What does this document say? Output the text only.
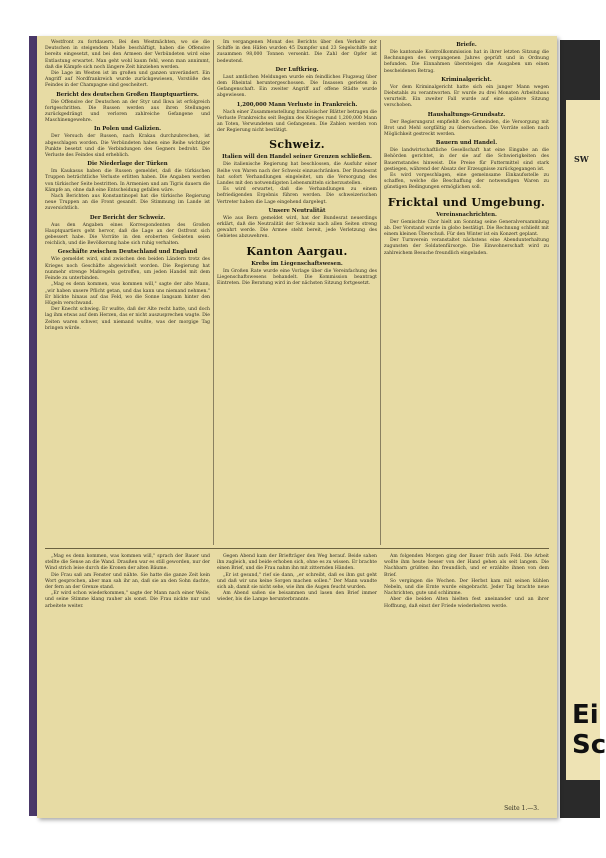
SW
Ei Sc

Westfront zu fortdauern. Bei den Westmächten, wo sie die Deutschen in steigendem Maße beschäftigt, haben die Offensive bereits eingesetzt, und bei den Armeen der Verbündeten wird eine Entlastung erwartet. Man geht wohl kaum fehl, wenn man annimmt, daß die Kämpfe sich noch längere Zeit hinziehen werden.

Die Lage im Westen ist im großen und ganzen unverändert. Ein Angriff auf Nordfrankreich wurde zurückgewiesen, Vorstöße des Feindes in der Champagne sind gescheitert.

Bericht des deutschen Großen Hauptquartiers.

Die Offensive der Deutschen an der Styr und Ikwa ist erfolgreich fortgeschritten. Die Russen werden aus ihren Stellungen zurückgedrängt und verloren zahlreiche Gefangene und Maschinengewehre.

In Polen und Galizien.

Der Versuch der Russen, nach Krakau durchzubrechen, ist abgeschlagen worden. Die Verbündeten haben eine Reihe wichtiger Punkte besetzt und die Verbindungen des Gegners bedroht. Die Verluste des Feindes sind erheblich.

Die Niederlage der Türken

Im Kaukasus haben die Russen gemeldet, daß die türkischen Truppen beträchtliche Verluste erlitten haben. Die Angaben werden von türkischer Seite bestritten. In Armenien und am Tigris dauern die Kämpfe an, ohne daß eine Entscheidung gefallen wäre.

Nach Berichten aus Konstantinopel hat die türkische Regierung neue Truppen an die Front gesandt. Die Stimmung im Lande ist zuversichtlich.

Der Bericht der Schweiz.

Aus den Angaben eines Korrespondenten des Großen Hauptquartiers geht hervor, daß die Lage an der Ostfront sich gebessert habe. Die Vorräte in den eroberten Gebieten seien reichlich, und die Bevölkerung habe sich ruhig verhalten.

Geschäfte zwischen Deutschland und England

Wie gemeldet wird, sind zwischen den beiden Ländern trotz des Krieges noch Geschäfte abgewickelt worden. Die Regierung hat nunmehr strenge Maßregeln getroffen, um jeden Handel mit dem Feinde zu unterbinden.

„Mag es denn kommen, was kommen will," sagte der alte Mann, „wir haben unsere Pflicht getan, und das kann uns niemand nehmen." Er blickte hinaus auf das Feld, wo die Sonne langsam hinter den Hügeln verschwand.

Der Knecht schwieg. Er wußte, daß der Alte recht hatte, und doch lag ihm etwas auf dem Herzen, das er nicht auszusprechen wagte. Die Zeiten waren schwer, und niemand wußte, was der morgige Tag bringen würde.

Im vergangenen Monat des Berichts über den Verkehr der Schiffe in den Häfen wurden 45 Dampfer und 23 Segelschiffe mit zusammen 98,000 Tonnen versenkt. Die Zahl der Opfer ist bedeutend.

Der Luftkrieg.

Laut amtlichen Meldungen wurde ein feindliches Flugzeug über dem Rheintal heruntergeschossen. Die Insassen gerieten in Gefangenschaft. Ein zweiter Angriff auf offene Städte wurde abgewiesen.

1,200,000 Mann Verluste in Frankreich.

Nach einer Zusammenstellung französischer Blätter betragen die Verluste Frankreichs seit Beginn des Krieges rund 1,200,000 Mann an Toten, Verwundeten und Gefangenen. Die Zahlen werden von der Regierung nicht bestätigt.

Schweiz.
Italien will den Handel seiner Grenzen schließen.

Die italienische Regierung hat beschlossen, die Ausfuhr einer Reihe von Waren nach der Schweiz einzuschränken. Der Bundesrat hat sofort Verhandlungen eingeleitet, um die Versorgung des Landes mit den notwendigsten Lebensmitteln sicherzustellen.

Es wird erwartet, daß die Verhandlungen zu einem befriedigenden Ergebnis führen werden. Die schweizerischen Vertreter haben die Lage eingehend dargelegt.

Unsere Neutralität

Wie aus Bern gemeldet wird, hat der Bundesrat neuerdings erklärt, daß die Neutralität der Schweiz nach allen Seiten streng gewahrt werde. Die Armee steht bereit, jede Verletzung des Gebietes abzuwehren.

Kanton Aargau.
Krebs im Liegenschaftswesen.

Im Großen Rate wurde eine Vorlage über die Vereinfachung des Liegenschaftswesens behandelt. Die Kommission beantragt Eintreten. Die Beratung wird in der nächsten Sitzung fortgesetzt.

Briefe.

Die kantonale Kontrollkommission hat in ihrer letzten Sitzung die Rechnungen des vergangenen Jahres geprüft und in Ordnung befunden. Die Einnahmen übersteigen die Ausgaben um einen bescheidenen Betrag.

Kriminalgericht.

Vor dem Kriminalgericht hatte sich ein junger Mann wegen Diebstahls zu verantworten. Er wurde zu drei Monaten Arbeitshaus verurteilt. Ein zweiter Fall wurde auf eine spätere Sitzung verschoben.

Haushaltungs-Grundsatz.

Der Regierungsrat empfiehlt den Gemeinden, die Versorgung mit Brot und Mehl sorgfältig zu überwachen. Die Vorräte sollen nach Möglichkeit gestreckt werden.

Bauern und Handel.

Die landwirtschaftliche Gesellschaft hat eine Eingabe an die Behörden gerichtet, in der sie auf die Schwierigkeiten des Bauernstandes hinweist. Die Preise für Futtermittel sind stark gestiegen, während der Absatz der Erzeugnisse zurückgegangen ist.

Es wird vorgeschlagen, eine gemeinsame Einkaufsstelle zu schaffen, welche die Beschaffung der notwendigen Waren zu günstigen Bedingungen ermöglichen soll.

Fricktal und Umgebung.
Vereinsnachrichten.

Der Gemischte Chor hielt am Sonntag seine Generalversammlung ab. Der Vorstand wurde in globo bestätigt. Die Rechnung schließt mit einem kleinen Überschuß. Für den Winter ist ein Konzert geplant.

Der Turnverein veranstaltet nächstens eine Abendunterhaltung zugunsten der Soldatenfürsorge. Die Einwohnerschaft wird zu zahlreichem Besuche freundlich eingeladen.

„Mag es denn kommen, was kommen will," sprach der Bauer und stellte die Sense an die Wand. Draußen war es still geworden, nur der Wind strich leise durch die Kronen der alten Bäume.

Die Frau saß am Fenster und nähte. Sie hatte die ganze Zeit kein Wort gesprochen, aber man sah ihr an, daß sie an den Sohn dachte, der fern an der Grenze stand.

„Er wird schon wiederkommen," sagte der Mann nach einer Weile, und seine Stimme klang rauher als sonst. Die Frau nickte nur und arbeitete weiter.

Gegen Abend kam der Briefträger den Weg herauf. Beide sahen ihn zugleich, und beide erhoben sich, ohne es zu wissen. Er brachte einen Brief, und die Frau nahm ihn mit zitternden Händen.

„Er ist gesund," rief sie dann, „er schreibt, daß es ihm gut geht und daß wir uns keine Sorgen machen sollen." Der Mann wandte sich ab, damit sie nicht sehe, wie ihm die Augen feucht wurden.

Am Abend saßen sie beisammen und lasen den Brief immer wieder, bis die Lampe herunterbrannte.

Am folgenden Morgen ging der Bauer früh aufs Feld. Die Arbeit wollte ihm heute besser von der Hand gehen als seit langem. Die Nachbarn grüßten ihn freundlich, und er erzählte ihnen von dem Brief.

So vergingen die Wochen. Der Herbst kam mit seinen kühlen Nebeln, und die Ernte wurde eingebracht. Jeder Tag brachte neue Nachrichten, gute und schlimme.

Aber die beiden Alten hielten fest aneinander und an ihrer Hoffnung, daß einst der Friede wiederkehren werde.

Seite 1.—3.
